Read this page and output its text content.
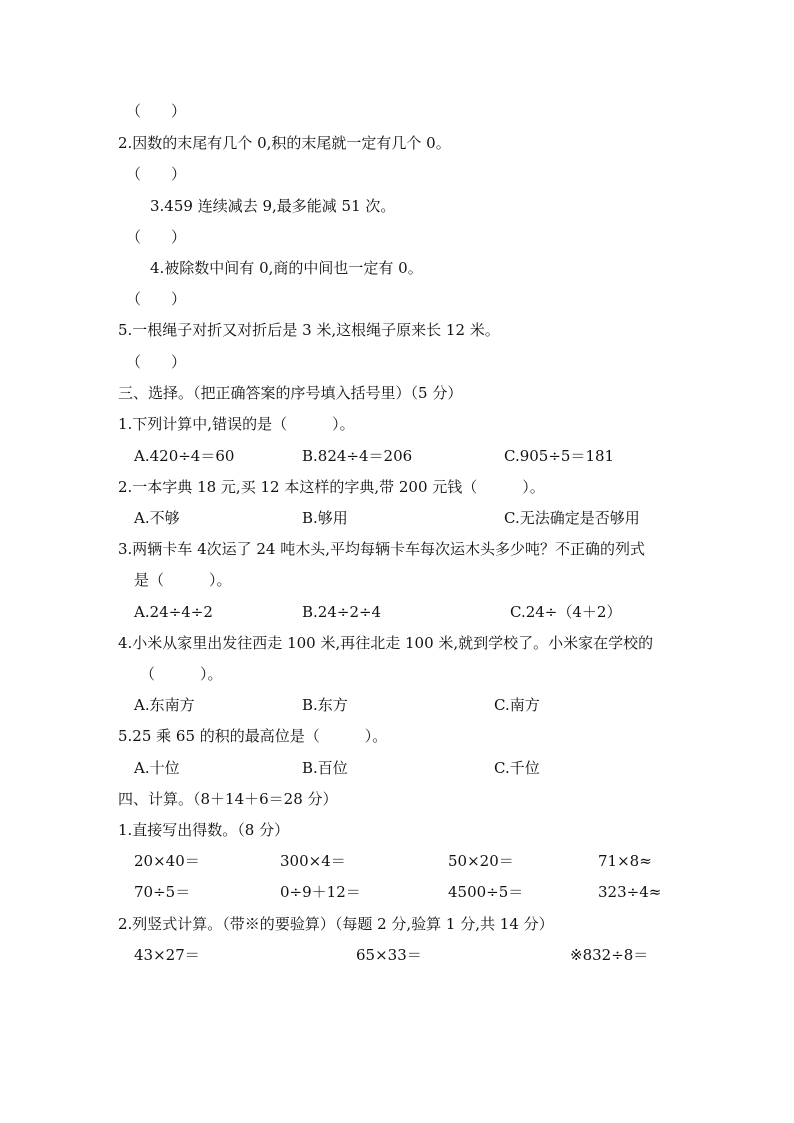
（　　）
2.因数的末尾有几个 0,积的末尾就一定有几个 0。
（　　）
3.459 连续减去 9,最多能减 51 次。
（　　）
4.被除数中间有 0,商的中间也一定有 0。
（　　）
5.一根绳子对折又对折后是 3 米,这根绳子原来长 12 米。
（　　）
三、选择。（把正确答案的序号填入括号里）（5 分）
1.下列计算中,错误的是（　　　）。
A.420÷4＝60	B.824÷4＝206	C.905÷5＝181
2.一本字典 18 元,买 12 本这样的字典,带 200 元钱（　　　）。
A.不够	B.够用	C.无法确定是否够用
3.两辆卡车 4次运了 24 吨木头,平均每辆卡车每次运木头多少吨？不正确的列式
是（　　　）。
A.24÷4÷2	B.24÷2÷4	C.24÷（4＋2）
4.小米从家里出发往西走 100 米,再往北走 100 米,就到学校了。小米家在学校的
（　　　）。
A.东南方	B.东方	C.南方
5.25 乘 65 的积的最高位是（　　　）。
A.十位	B.百位	C.千位
四、计算。（8＋14＋6＝28 分）
1.直接写出得数。（8 分）
20×40＝	300×4＝	50×20＝	71×8≈
70÷5＝	0÷9＋12＝	4500÷5＝	323÷4≈
2.列竖式计算。（带※的要验算）（每题 2 分,验算 1 分,共 14 分）
43×27＝	65×33＝	※832÷8＝
